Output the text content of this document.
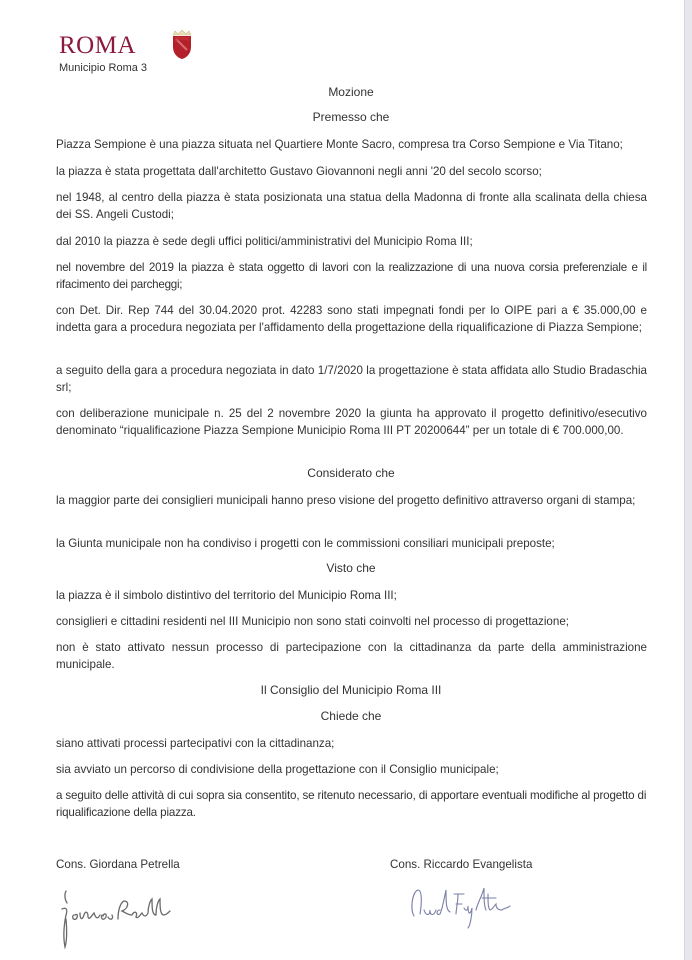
ROMA
Municipio Roma 3
Mozione
Premesso che
Piazza Sempione è una piazza situata nel Quartiere Monte Sacro, compresa tra Corso Sempione e Via Titano;
la piazza è stata progettata dall'architetto Gustavo Giovannoni negli anni '20 del secolo scorso;
nel 1948, al centro della piazza è stata posizionata una statua della Madonna di fronte alla scalinata della chiesa dei SS. Angeli Custodi;
dal 2010 la piazza è sede degli uffici politici/amministrativi del Municipio Roma III;
nel novembre del 2019 la piazza è stata oggetto di lavori con la realizzazione di una nuova corsia preferenziale e il rifacimento dei parcheggi;
con Det. Dir. Rep 744 del 30.04.2020 prot. 42283 sono stati impegnati fondi per lo OIPE pari a € 35.000,00 e indetta gara a procedura negoziata per l'affidamento della progettazione della riqualificazione di Piazza Sempione;
a seguito della gara a procedura negoziata in dato 1/7/2020 la progettazione è stata affidata allo Studio Bradaschia srl;
con deliberazione municipale n. 25 del 2 novembre 2020 la giunta ha approvato il progetto definitivo/esecutivo denominato “riqualificazione Piazza Sempione Municipio Roma III PT 20200644” per un totale di € 700.000,00.
Considerato che
la maggior parte dei consiglieri municipali hanno preso visione del progetto definitivo attraverso organi di stampa;
la Giunta municipale non ha condiviso i progetti con le commissioni consiliari municipali preposte;
Visto che
la piazza è il simbolo distintivo del territorio del Municipio Roma III;
consiglieri e cittadini residenti nel III Municipio non sono stati coinvolti nel processo di progettazione;
non è stato attivato nessun processo di partecipazione con la cittadinanza da parte della amministrazione municipale.
Il Consiglio del Municipio Roma III
Chiede che
siano attivati processi partecipativi con la cittadinanza;
sia avviato un percorso di condivisione della progettazione con il Consiglio municipale;
a seguito delle attività di cui sopra sia consentito, se ritenuto necessario, di apportare eventuali modifiche al progetto di riqualificazione della piazza.
Cons. Giordana Petrella	Cons. Riccardo Evangelista
